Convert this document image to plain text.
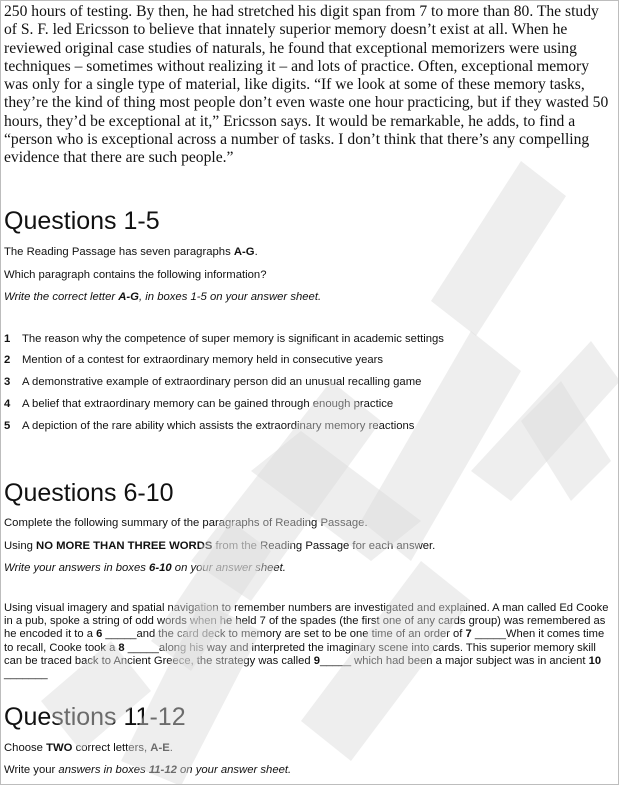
250 hours of testing. By then, he had stretched his digit span from 7 to more than 80. The study of S. F. led Ericsson to believe that innately superior memory doesn’t exist at all. When he reviewed original case studies of naturals, he found that exceptional memorizers were using techniques – sometimes without realizing it – and lots of practice. Often, exceptional memory was only for a single type of material, like digits. “If we look at some of these memory tasks, they’re the kind of thing most people don’t even waste one hour practicing, but if they wasted 50 hours, they’d be exceptional at it,” Ericsson says. It would be remarkable, he adds, to find a “person who is exceptional across a number of tasks. I don’t think that there’s any compelling evidence that there are such people.”
Questions 1-5
The Reading Passage has seven paragraphs A-G.
Which paragraph contains the following information?
Write the correct letter A-G, in boxes 1-5 on your answer sheet.
1 The reason why the competence of super memory is significant in academic settings
2 Mention of a contest for extraordinary memory held in consecutive years
3 A demonstrative example of extraordinary person did an unusual recalling game
4 A belief that extraordinary memory can be gained through enough practice
5 A depiction of the rare ability which assists the extraordinary memory reactions
Questions 6-10
Complete the following summary of the paragraphs of Reading Passage.
Using NO MORE THAN THREE WORDS from the Reading Passage for each answer.
Write your answers in boxes 6-10 on your answer sheet.
Using visual imagery and spatial navigation to remember numbers are investigated and explained. A man called Ed Cooke in a pub, spoke a string of odd words when he held 7 of the spades (the first one of any cards group) was remembered as he encoded it to a 6 _____and the card deck to memory are set to be one time of an order of 7 _____When it comes time to recall, Cooke took a 8 _____along his way and interpreted the imaginary scene into cards. This superior memory skill can be traced back to Ancient Greece, the strategy was called 9_____ which had been a major subject was in ancient 10 _______
Questions 11-12
Choose TWO correct letters, A-E.
Write your answers in boxes 11-12 on your answer sheet.
